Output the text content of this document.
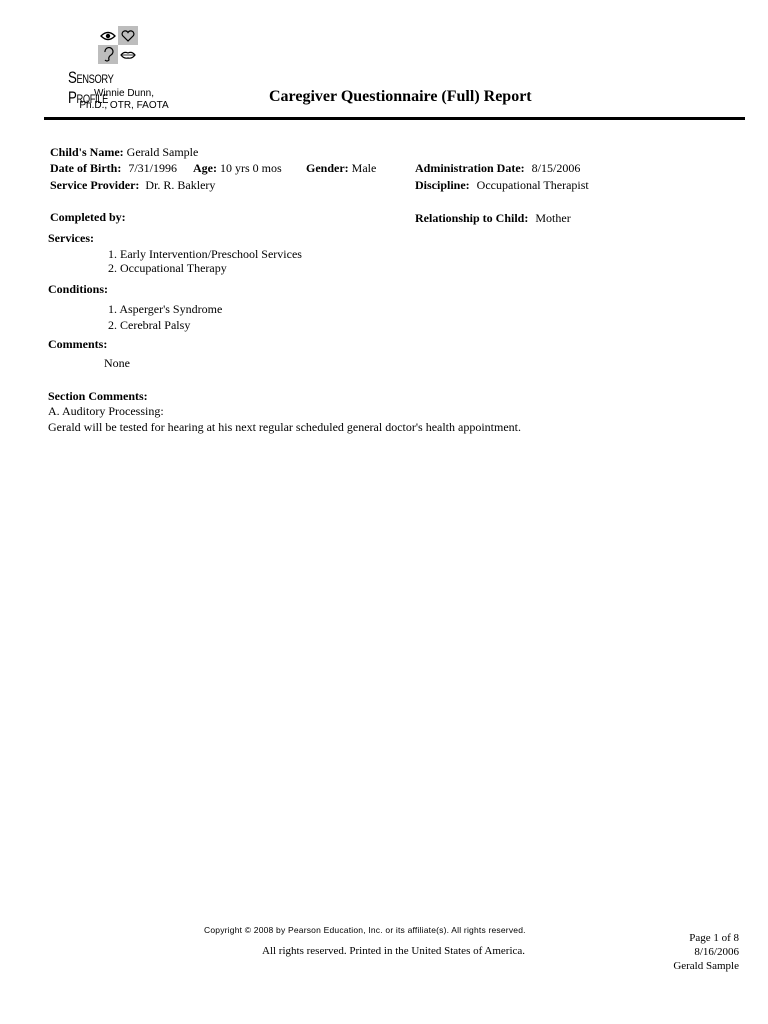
Sensory Profile
Winnie Dunn,
Ph.D., OTR, FAOTA
Caregiver Questionnaire (Full) Report
Child's Name: Gerald Sample
Date of Birth: 7/31/1996 Age: 10 yrs 0 mos Gender: Male	Administration Date: 8/15/2006
Service Provider: Dr. R. Baklery	Discipline: Occupational Therapist
Completed by:	Relationship to Child: Mother
Services:
1. Early Intervention/Preschool Services
2. Occupational Therapy
Conditions:
1. Asperger's Syndrome
2. Cerebral Palsy
Comments:
None
Section Comments:
A. Auditory Processing:
Gerald will be tested for hearing at his next regular scheduled general doctor's health appointment.
Copyright © 2008 by Pearson Education, Inc. or its affiliate(s). All rights reserved.
All rights reserved. Printed in the United States of America.
Page 1 of 8
8/16/2006
Gerald Sample
